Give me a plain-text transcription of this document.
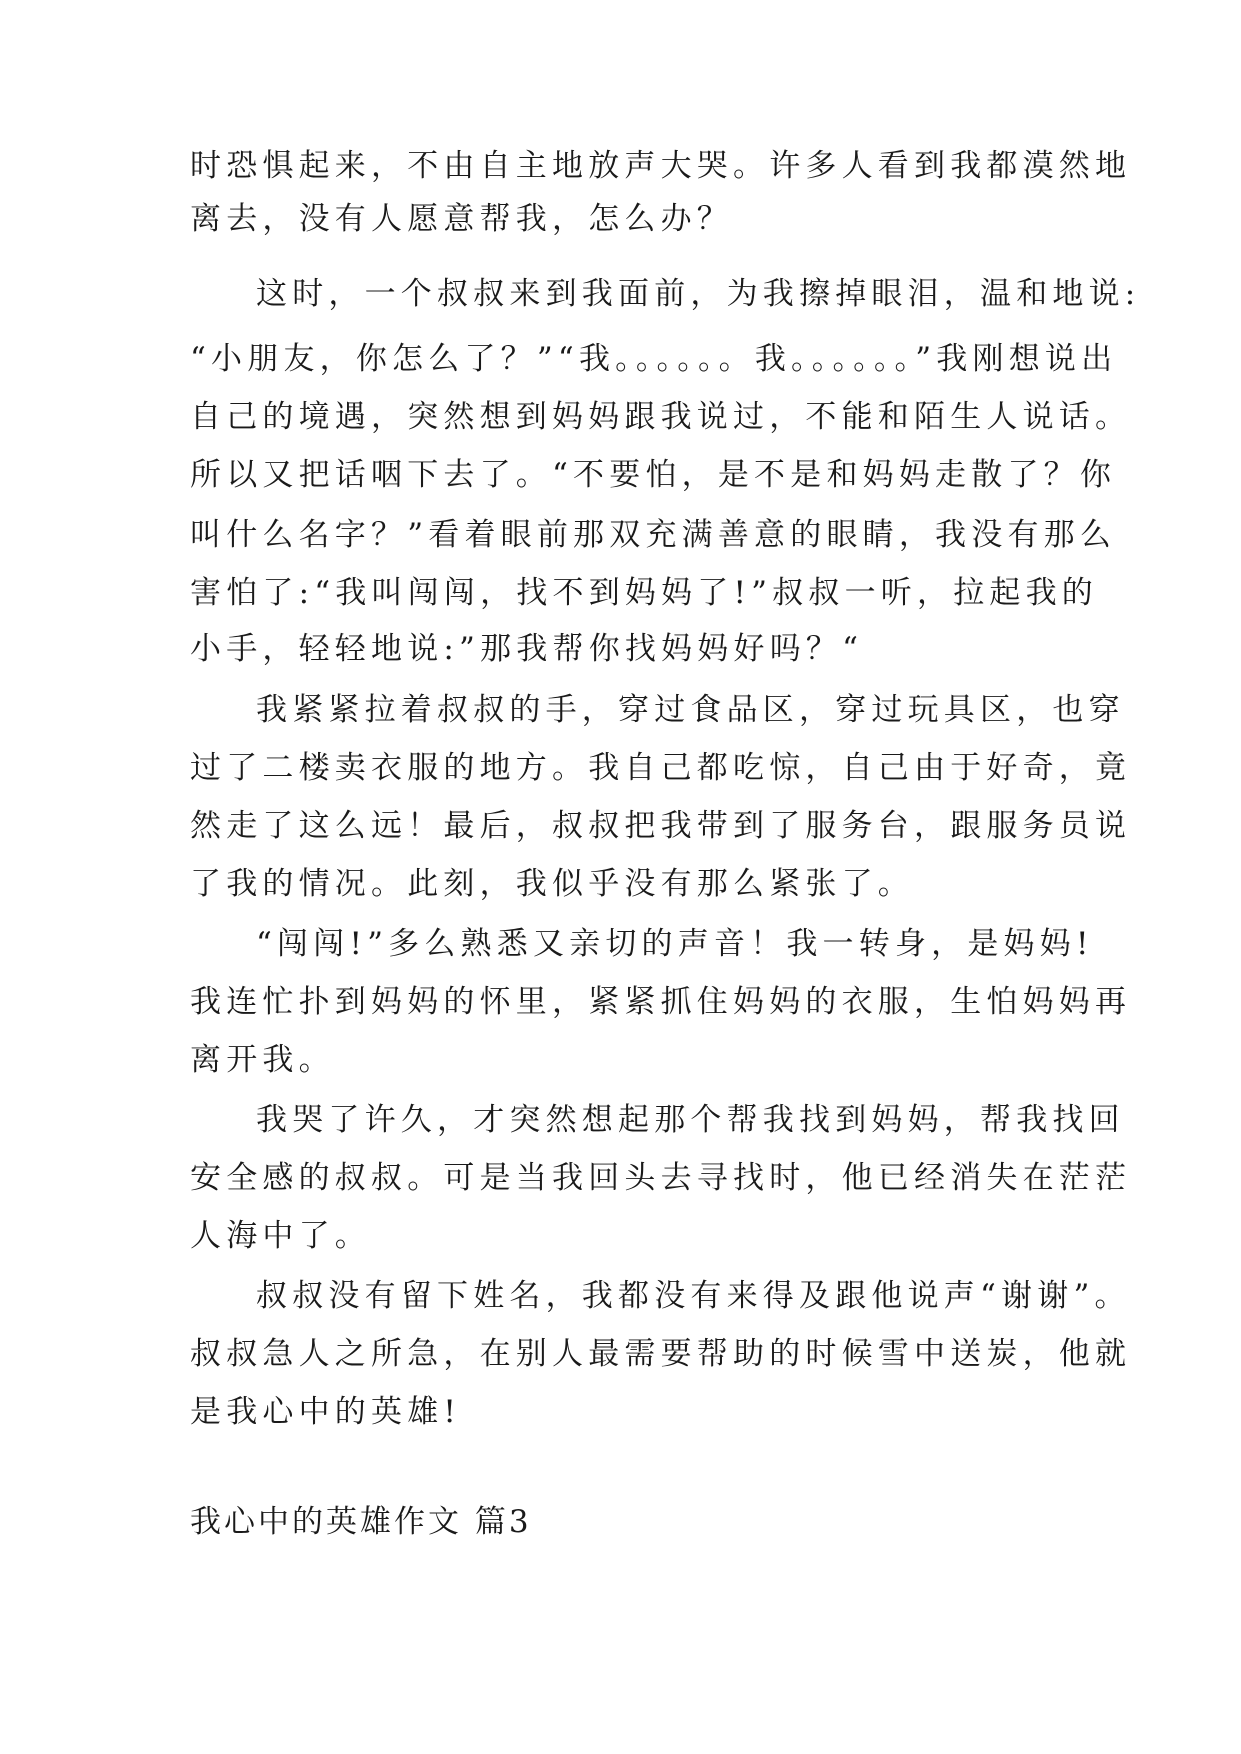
时恐惧起来，不由自主地放声大哭。许多人看到我都漠然地
离去，没有人愿意帮我，怎么办？
这时，一个叔叔来到我面前，为我擦掉眼泪，温和地说:
“小朋友，你怎么了？”“我。。。。。。我。。。。。。”我刚想说出
自己的境遇，突然想到妈妈跟我说过，不能和陌生人说话。
所以又把话咽下去了。“不要怕，是不是和妈妈走散了？你
叫什么名字？”看着眼前那双充满善意的眼睛，我没有那么
害怕了:“我叫闯闯，找不到妈妈了!”叔叔一听，拉起我的
小手，轻轻地说:”那我帮你找妈妈好吗？“
我紧紧拉着叔叔的手，穿过食品区，穿过玩具区，也穿
过了二楼卖衣服的地方。我自己都吃惊，自己由于好奇，竟
然走了这么远！最后，叔叔把我带到了服务台，跟服务员说
了我的情况。此刻，我似乎没有那么紧张了。
“闯闯!”多么熟悉又亲切的声音！我一转身，是妈妈!
我连忙扑到妈妈的怀里，紧紧抓住妈妈的衣服，生怕妈妈再
离开我。
我哭了许久，才突然想起那个帮我找到妈妈，帮我找回
安全感的叔叔。可是当我回头去寻找时，他已经消失在茫茫
人海中了。
叔叔没有留下姓名，我都没有来得及跟他说声“谢谢”。
叔叔急人之所急，在别人最需要帮助的时候雪中送炭，他就
是我心中的英雄!
我心中的英雄作文 篇3
